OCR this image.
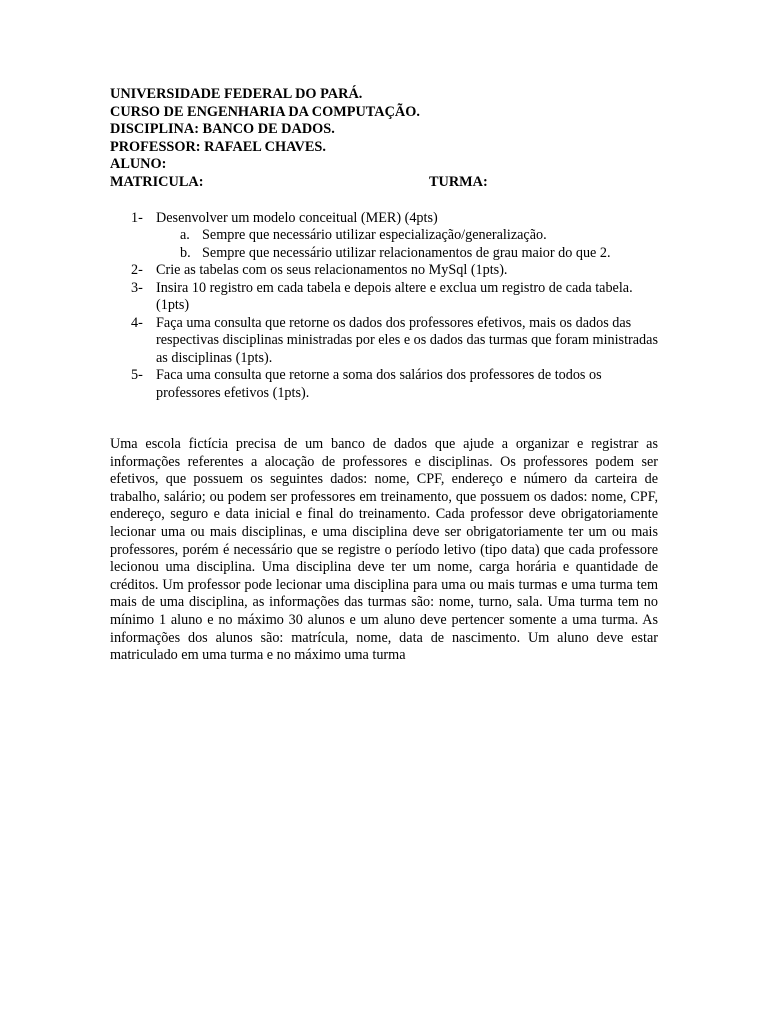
UNIVERSIDADE FEDERAL DO PARÁ.
CURSO DE ENGENHARIA DA COMPUTAÇÃO.
DISCIPLINA: BANCO DE DADOS.
PROFESSOR: RAFAEL CHAVES.
ALUNO:
MATRICULA:	TURMA:
1- Desenvolver um modelo conceitual (MER) (4pts)
a. Sempre que necessário utilizar especialização/generalização.
b. Sempre que necessário utilizar relacionamentos de grau maior do que 2.
2- Crie as tabelas com os seus relacionamentos no MySql (1pts).
3- Insira 10 registro em cada tabela e depois altere e exclua um registro de cada tabela. (1pts)
4- Faça uma consulta que retorne os dados dos professores efetivos, mais os dados das respectivas disciplinas ministradas por eles e os dados das turmas que foram ministradas as disciplinas (1pts).
5- Faca uma consulta que retorne a soma dos salários dos professores de todos os professores efetivos (1pts).

Uma escola fictícia precisa de um banco de dados que ajude a organizar e registrar as informações referentes a alocação de professores e disciplinas. Os professores podem ser efetivos, que possuem os seguintes dados: nome, CPF, endereço e número da carteira de trabalho, salário; ou podem ser professores em treinamento, que possuem os dados: nome, CPF, endereço, seguro e data inicial e final do treinamento. Cada professor deve obrigatoriamente lecionar uma ou mais disciplinas, e uma disciplina deve ser obrigatoriamente ter um ou mais professores, porém é necessário que se registre o período letivo (tipo data) que cada professore lecionou uma disciplina. Uma disciplina deve ter um nome, carga horária e quantidade de créditos. Um professor pode lecionar uma disciplina para uma ou mais turmas e uma turma tem mais de uma disciplina, as informações das turmas são: nome, turno, sala. Uma turma tem no mínimo 1 aluno e no máximo 30 alunos e um aluno deve pertencer somente a uma turma. As informações dos alunos são: matrícula, nome, data de nascimento. Um aluno deve estar matriculado em uma turma e no máximo uma turma
